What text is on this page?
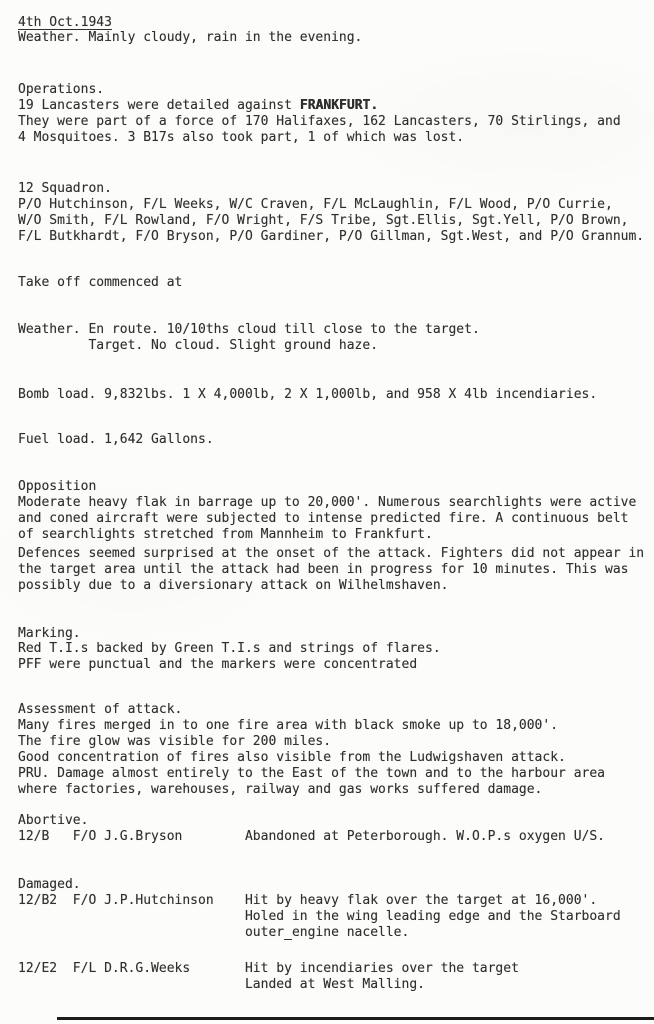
4th Oct.1943
Weather. Mainly cloudy, rain in the evening.
Operations.
19 Lancasters were detailed against FRANKFURT.
They were part of a force of 170 Halifaxes, 162 Lancasters, 70 Stirlings, and
4 Mosquitoes. 3 B17s also took part, 1 of which was lost.
12 Squadron.
P/O Hutchinson, F/L Weeks, W/C Craven, F/L McLaughlin, F/L Wood, P/O Currie,
W/O Smith, F/L Rowland, F/O Wright, F/S Tribe, Sgt.Ellis, Sgt.Yell, P/O Brown,
F/L Butkhardt, F/O Bryson, P/O Gardiner, P/O Gillman, Sgt.West, and P/O Grannum.
Take off commenced at
Weather. En route. 10/10ths cloud till close to the target.
Target. No cloud. Slight ground haze.
Bomb load. 9,832lbs. 1 X 4,000lb, 2 X 1,000lb, and 958 X 4lb incendiaries.
Fuel load. 1,642 Gallons.
Opposition
Moderate heavy flak in barrage up to 20,000'. Numerous searchlights were active
and coned aircraft were subjected to intense predicted fire. A continuous belt
of searchlights stretched from Mannheim to Frankfurt.
Defences seemed surprised at the onset of the attack. Fighters did not appear in
the target area until the attack had been in progress for 10 minutes. This was
possibly due to a diversionary attack on Wilhelmshaven.
Marking.
Red T.I.s backed by Green T.I.s and strings of flares.
PFF were punctual and the markers were concentrated
Assessment of attack.
Many fires merged in to one fire area with black smoke up to 18,000'.
The fire glow was visible for 200 miles.
Good concentration of fires also visible from the Ludwigshaven attack.
PRU. Damage almost entirely to the East of the town and to the harbour area
where factories, warehouses, railway and gas works suffered damage.
Abortive.
12/B   F/O J.G.Bryson        Abandoned at Peterborough. W.O.P.s oxygen U/S.
Damaged.
12/B2  F/O J.P.Hutchinson    Hit by heavy flak over the target at 16,000'.
Holed in the wing leading edge and the Starboard
outer engine nacelle.
12/E2  F/L D.R.G.Weeks       Hit by incendiaries over the target
Landed at West Malling.
